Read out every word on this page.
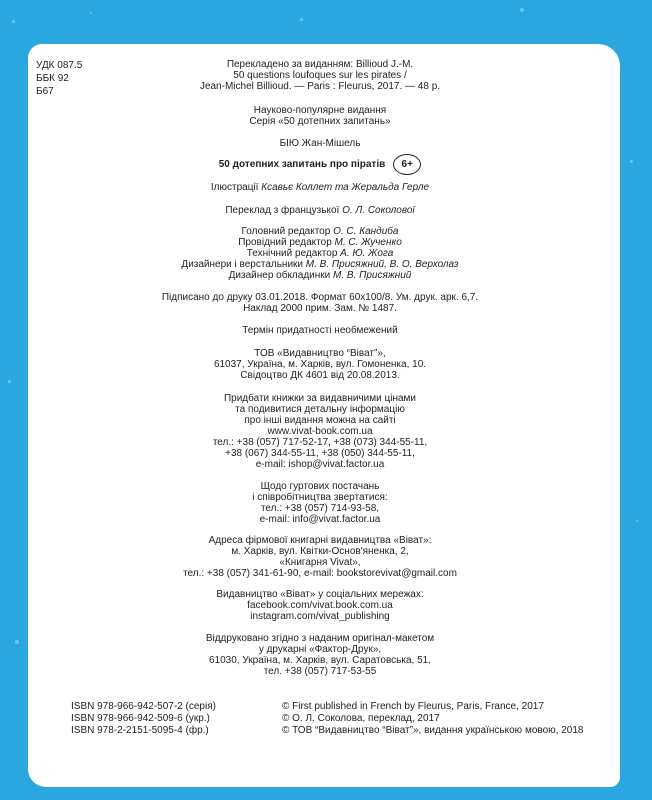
УДК 087.5
ББК 92
Б67
Перекладено за виданням: Billioud J.-M.
50 questions loufoques sur les pirates /
Jean-Michel Billioud. — Paris : Fleurus, 2017. — 48 р.
Науково-популярне видання
Серія «50 дотепних запитань»
БІЮ Жан-Мішель
50 дотепних запитань про піратів 6+
Ілюстрації Ксавьє Коллет та Жеральда Герле
Переклад з французької О. Л. Соколової
Головний редактор О. С. Кандиба
Провідний редактор М. С. Жученко
Технічний редактор А. Ю. Жога
Дизайнери і верстальники М. В. Присяжний, В. О. Верхолаз
Дизайнер обкладинки М. В. Присяжний
Підписано до друку 03.01.2018. Формат 60x100/8. Ум. друк. арк. 6,7.
Наклад 2000 прим. Зам. № 1487.
Термін придатності необмежений
ТОВ «Видавництво “Віват”»,
61037, Україна, м. Харків, вул. Гомоненка, 10.
Свідоцтво ДК 4601 від 20.08.2013.
Придбати книжки за видавничими цінами
та подивитися детальну інформацію
про інші видання можна на сайті
www.vivat-book.com.ua
тел.: +38 (057) 717-52-17, +38 (073) 344-55-11,
+38 (067) 344-55-11, +38 (050) 344-55-11,
e-mail: ishop@vivat.factor.ua
Щодо гуртових постачань
і співробітництва звертатися:
тел.: +38 (057) 714-93-58,
e-mail: info@vivat.factor.ua
Адреса фірмової книгарні видавництва «Віват»:
м. Харків, вул. Квітки-Основ'яненка, 2,
«Книгарня Vivat»,
тел.: +38 (057) 341-61-90, e-mail: bookstorevivat@gmail.com
Видавництво «Віват» у соціальних мережах:
facebook.com/vivat.book.com.ua
instagram.com/vivat_publishing
Віддруковано згідно з наданим оригінал-макетом
у друкарні «Фактор-Друк»,
61030, Україна, м. Харків, вул. Саратовська, 51,
тел. +38 (057) 717-53-55
ISBN 978-966-942-507-2 (серія)
ISBN 978-966-942-509-6 (укр.)
ISBN 978-2-2151-5095-4 (фр.)
© First published in French by Fleurus, Paris, France, 2017
© О. Л. Соколова, переклад, 2017
© ТОВ “Видавництво “Віват”», видання українською мовою, 2018
